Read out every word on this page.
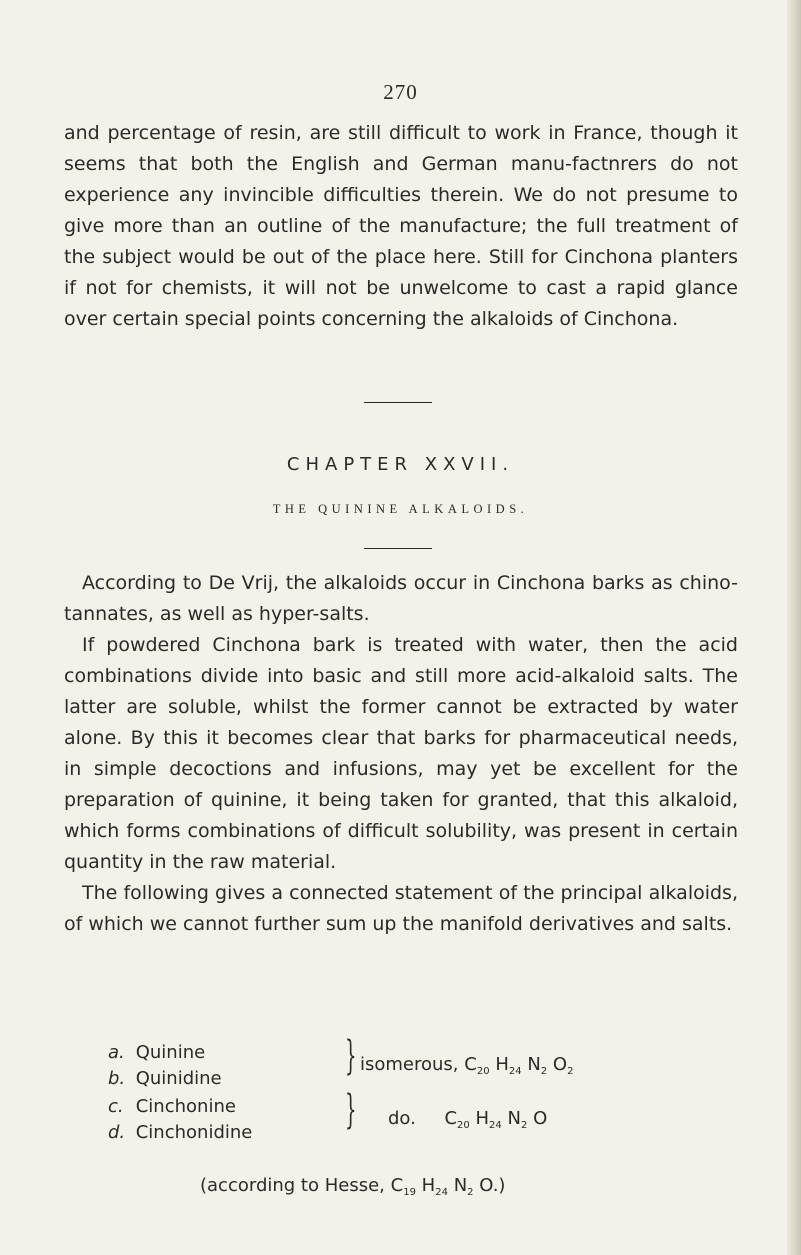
270
and percentage of resin, are still difficult to work in France, though it seems that both the English and German manu-factnrers do not experience any invincible difficulties therein. We do not presume to give more than an outline of the manufacture; the full treatment of the subject would be out of the place here. Still for Cinchona planters if not for chemists, it will not be unwelcome to cast a rapid glance over certain special points concerning the alkaloids of Cinchona.
CHAPTER XXVII.
THE QUININE ALKALOIDS.
According to De Vrij, the alkaloids occur in Cinchona barks as chino-tannates, as well as hyper-salts.
If powdered Cinchona bark is treated with water, then the acid combinations divide into basic and still more acid-alkaloid salts. The latter are soluble, whilst the former cannot be extracted by water alone. By this it becomes clear that barks for pharmaceutical needs, in simple decoctions and infusions, may yet be excellent for the preparation of quinine, it being taken for granted, that this alkaloid, which forms combinations of difficult solubility, was present in certain quantity in the raw material.
The following gives a connected statement of the principal alkaloids, of which we cannot further sum up the manifold derivatives and salts.
a. Quinine
b. Quinidine
c. Cinchonine
d. Cinchonidine
}
}
isomerous, $C_{20}$ $H_{24}$ $N_2$ $O_2$
do. $C_{20}$ $H_{24}$ $N_2$ O
(according to Hesse, $C_{19}$ $H_{24}$ $N_2$ O.)
